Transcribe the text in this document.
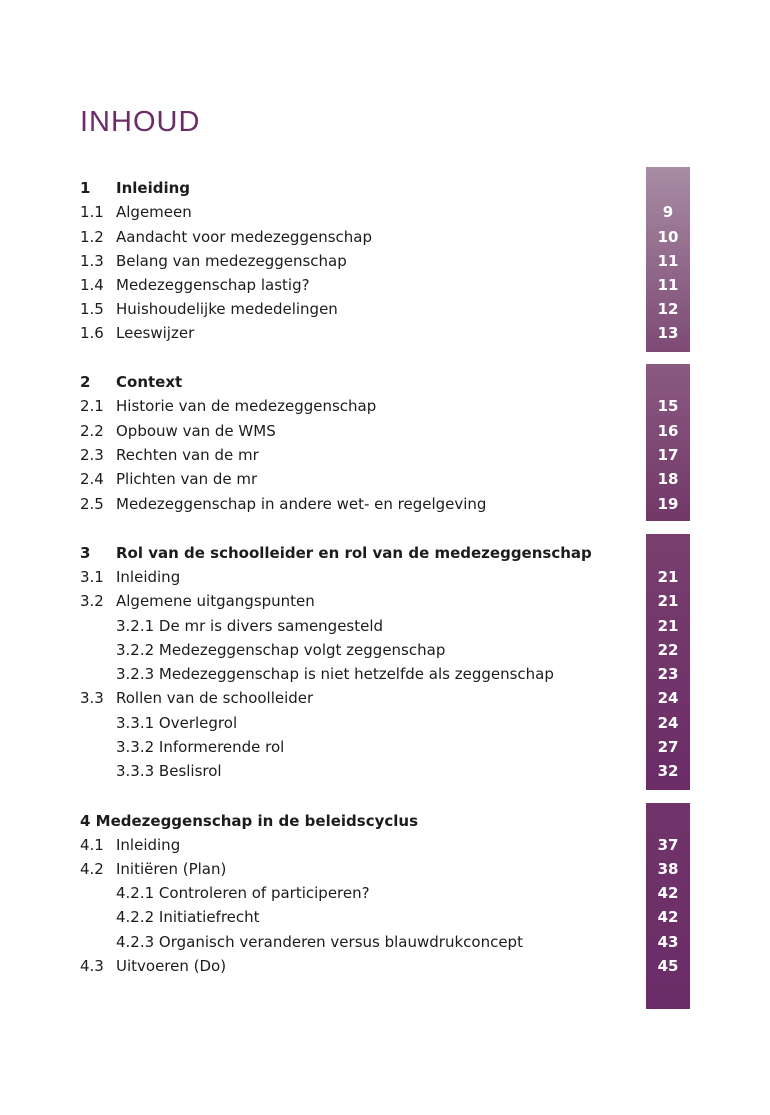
INHOUD
1 Inleiding
1.1 Algemeen	9
1.2 Aandacht voor medezeggenschap	10
1.3 Belang van medezeggenschap	11
1.4 Medezeggenschap lastig?	11
1.5 Huishoudelijke mededelingen	12
1.6 Leeswijzer	13
2 Context
2.1 Historie van de medezeggenschap	15
2.2 Opbouw van de WMS	16
2.3 Rechten van de mr	17
2.4 Plichten van de mr	18
2.5 Medezeggenschap in andere wet- en regelgeving	19
3 Rol van de schoolleider en rol van de medezeggenschap
3.1 Inleiding	21
3.2 Algemene uitgangspunten	21
3.2.1 De mr is divers samengesteld	21
3.2.2 Medezeggenschap volgt zeggenschap	22
3.2.3 Medezeggenschap is niet hetzelfde als zeggenschap	23
3.3 Rollen van de schoolleider	24
3.3.1 Overlegrol	24
3.3.2 Informerende rol	27
3.3.3 Beslisrol	32
4 Medezeggenschap in de beleidscyclus
4.1 Inleiding	37
4.2 Initiëren (Plan)	38
4.2.1 Controleren of participeren?	42
4.2.2 Initiatiefrecht	42
4.2.3 Organisch veranderen versus blauwdrukconcept	43
4.3 Uitvoeren (Do)	45
